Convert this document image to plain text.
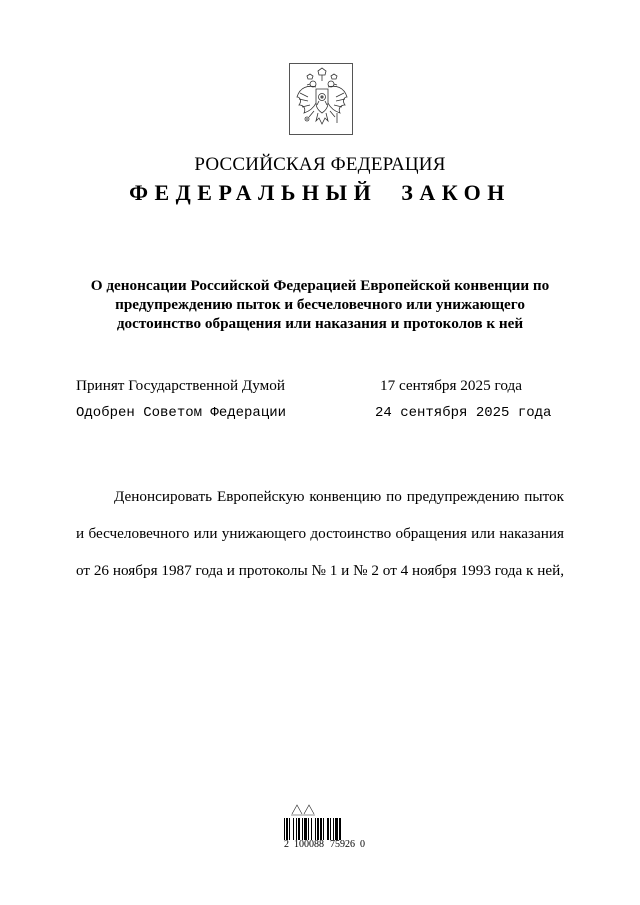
РОССИЙСКАЯ ФЕДЕРАЦИЯ
ФЕДЕРАЛЬНЫЙ ЗАКОН
О денонсации Российской Федерацией Европейской конвенции по
предупреждению пыток и бесчеловечного или унижающего
достоинство обращения или наказания и протоколов к ней
Принят Государственной Думой	17 сентября 2025 года
Одобрен Советом Федерации	24 сентября 2025 года
Денонсировать Европейскую конвенцию по предупреждению пыток
и бесчеловечного или унижающего достоинство обращения или наказания
от 26 ноября 1987 года и протоколы № 1 и № 2 от 4 ноября 1993 года к ней,
2 100088 75926 0
